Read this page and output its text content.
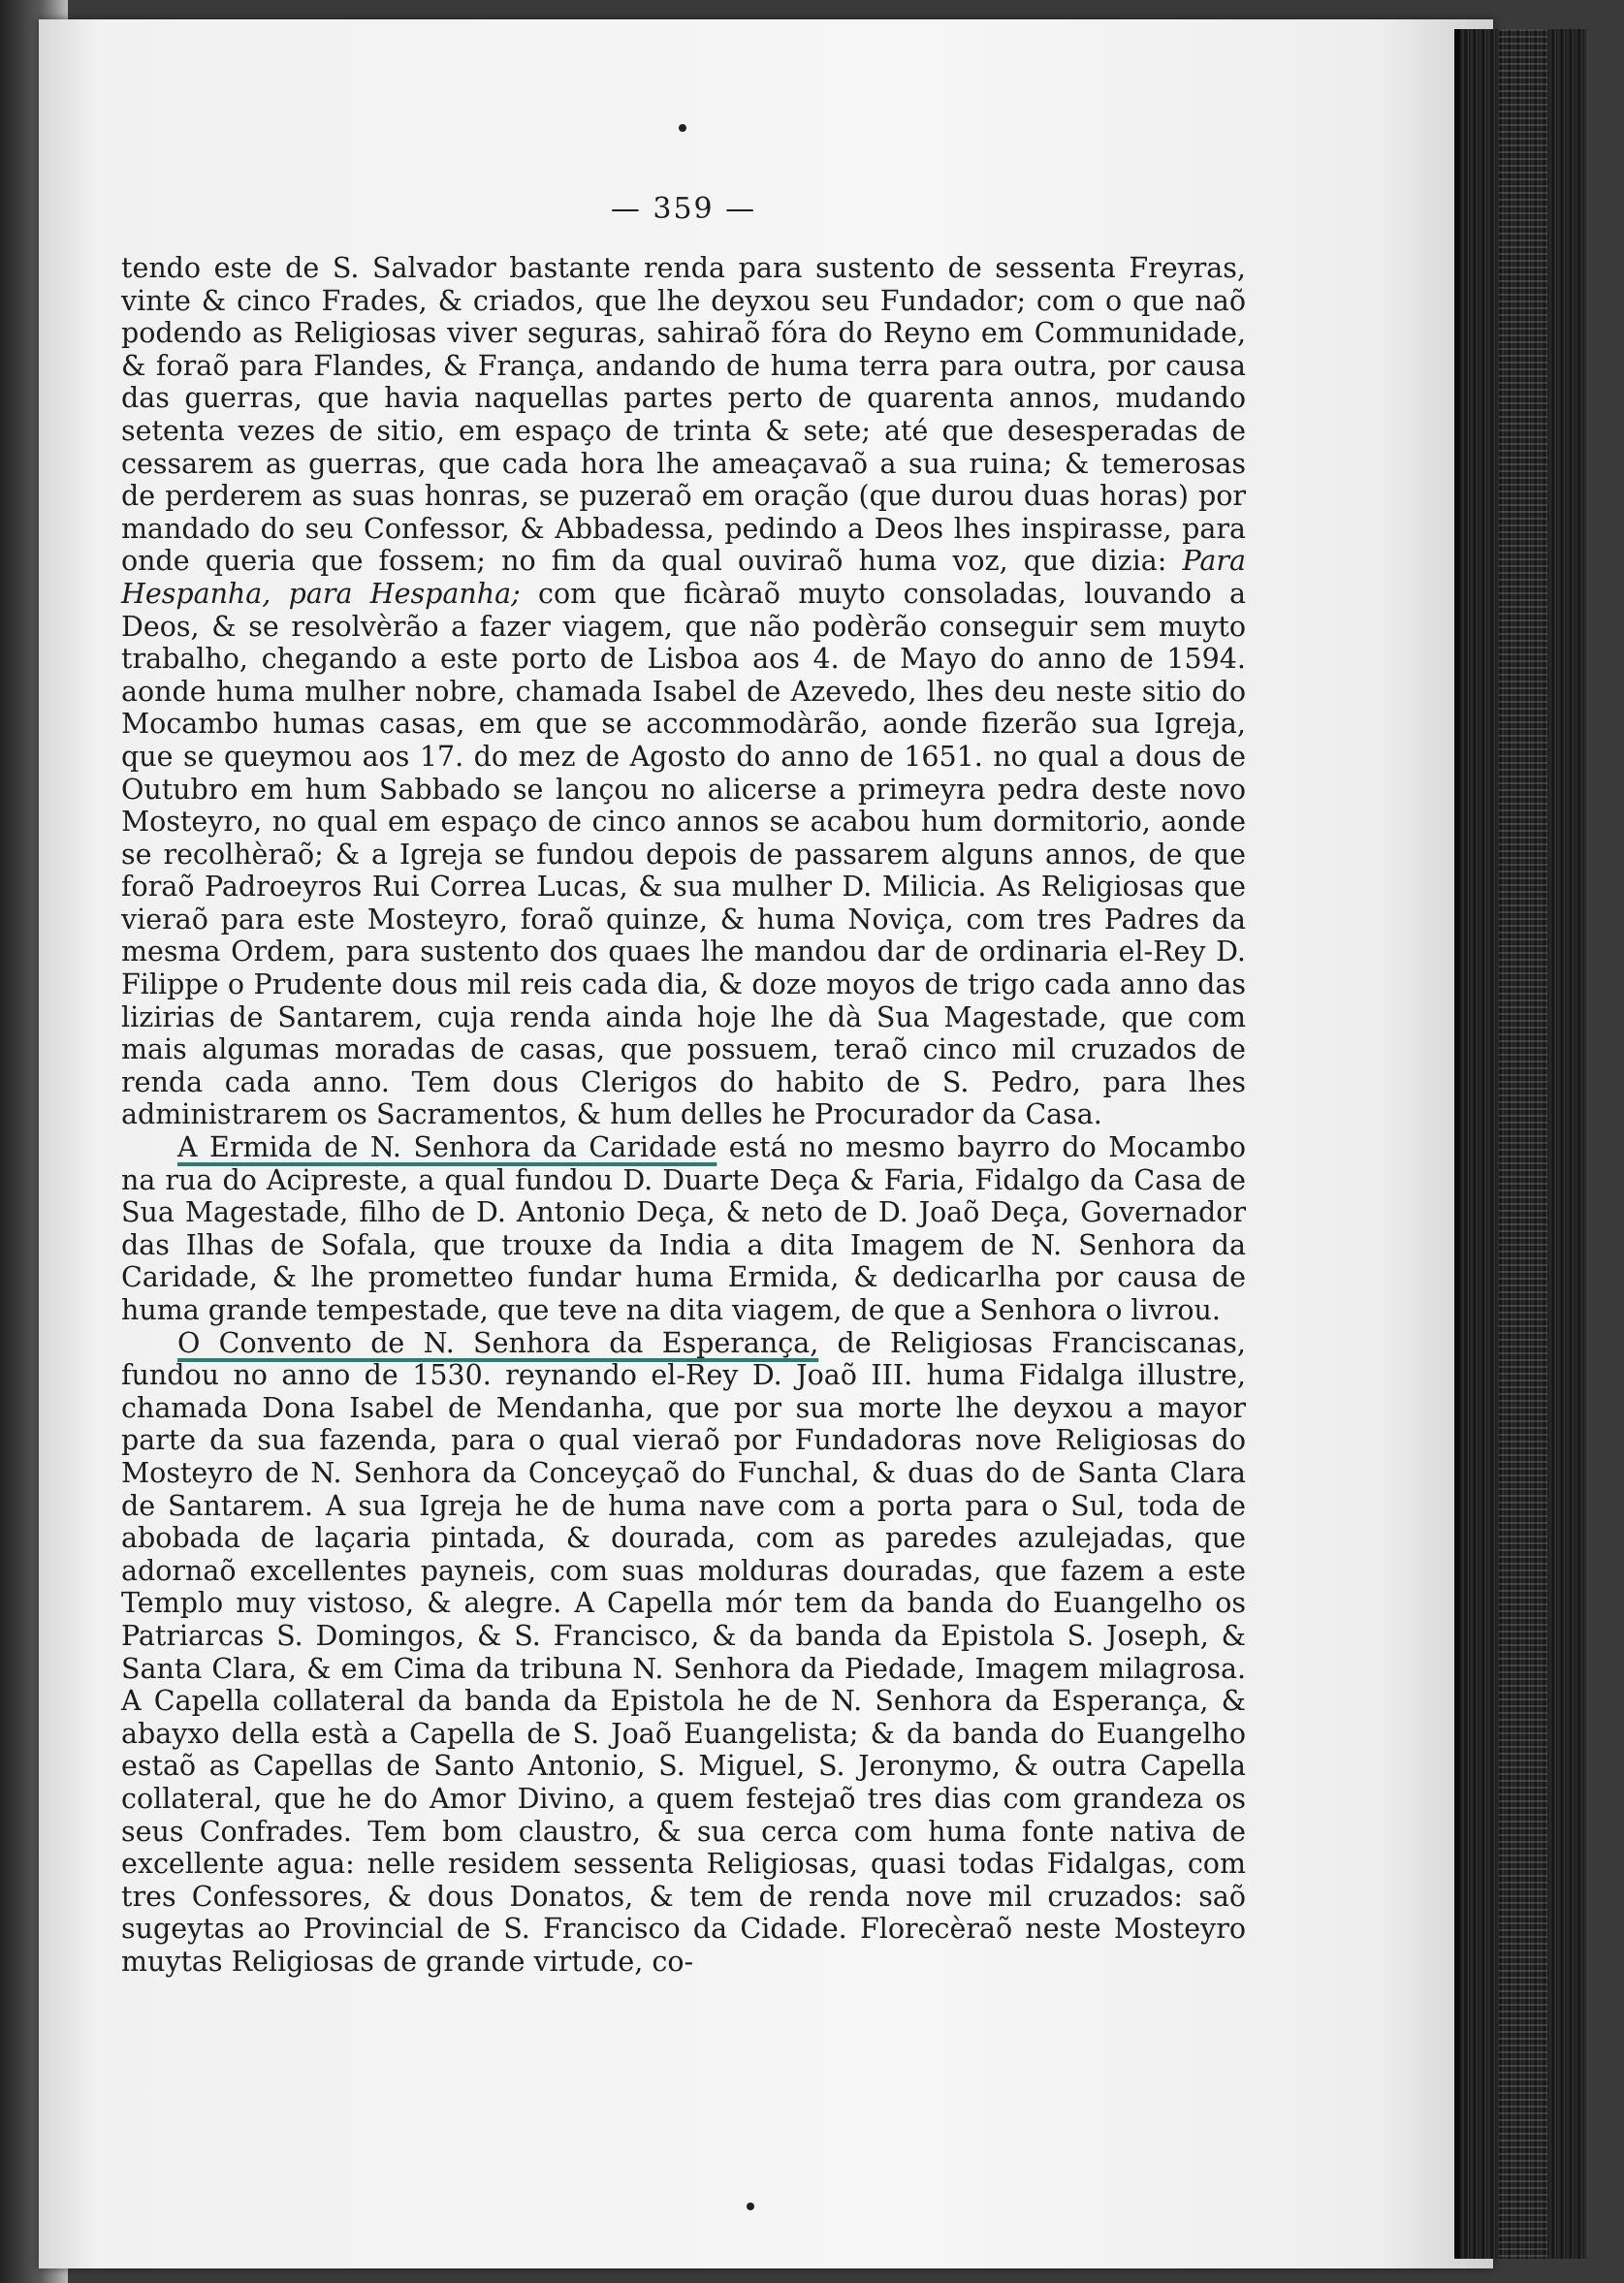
— 359 —

tendo este de S. Salvador bastante renda para sustento de sessenta Freyras, vinte & cinco Frades, & criados, que lhe deyxou seu Fundador; com o que naõ podendo as Religiosas viver seguras, sahiraõ fóra do Reyno em Communidade, & foraõ para Flandes, & França, andando de huma terra para outra, por causa das guerras, que havia naquellas partes perto de quarenta annos, mudando setenta vezes de sitio, em espaço de trinta & sete; até que desesperadas de cessarem as guerras, que cada hora lhe ameaçavaõ a sua ruina; & temerosas de perderem as suas honras, se puzeraõ em oração (que durou duas horas) por mandado do seu Confessor, & Abbadessa, pedindo a Deos lhes inspirasse, para onde queria que fossem; no fim da qual ouviraõ huma voz, que dizia: Para Hespanha, para Hespanha; com que ficàraõ muyto consoladas, louvando a Deos, & se resolvèrão a fazer viagem, que não podèrão conseguir sem muyto trabalho, chegando a este porto de Lisboa aos 4. de Mayo do anno de 1594. aonde huma mulher nobre, chamada Isabel de Azevedo, lhes deu neste sitio do Mocambo humas casas, em que se accommodàrão, aonde fizerão sua Igreja, que se queymou aos 17. do mez de Agosto do anno de 1651. no qual a dous de Outubro em hum Sabbado se lançou no alicerse a primeyra pedra deste novo Mosteyro, no qual em espaço de cinco annos se acabou hum dormitorio, aonde se recolhèraõ; & a Igreja se fundou depois de passarem alguns annos, de que foraõ Padroeyros Rui Correa Lucas, & sua mulher D. Milicia. As Religiosas que vieraõ para este Mosteyro, foraõ quinze, & huma Noviça, com tres Padres da mesma Ordem, para sustento dos quaes lhe mandou dar de ordinaria el-Rey D. Filippe o Prudente dous mil reis cada dia, & doze moyos de trigo cada anno das lizirias de Santarem, cuja renda ainda hoje lhe dà Sua Magestade, que com mais algumas moradas de casas, que possuem, teraõ cinco mil cruzados de renda cada anno. Tem dous Clerigos do habito de S. Pedro, para lhes administrarem os Sacramentos, & hum delles he Procurador da Casa.

A Ermida de N. Senhora da Caridade está no mesmo bayrro do Mocambo na rua do Acipreste, a qual fundou D. Duarte Deça & Faria, Fidalgo da Casa de Sua Magestade, filho de D. Antonio Deça, & neto de D. Joaõ Deça, Governador das Ilhas de Sofala, que trouxe da India a dita Imagem de N. Senhora da Caridade, & lhe prometteo fundar huma Ermida, & dedicarlha por causa de huma grande tempestade, que teve na dita viagem, de que a Senhora o livrou.

O Convento de N. Senhora da Esperança, de Religiosas Franciscanas, fundou no anno de 1530. reynando el-Rey D. Joaõ III. huma Fidalga illustre, chamada Dona Isabel de Mendanha, que por sua morte lhe deyxou a mayor parte da sua fazenda, para o qual vieraõ por Fundadoras nove Religiosas do Mosteyro de N. Senhora da Conceyçaõ do Funchal, & duas do de Santa Clara de Santarem. A sua Igreja he de huma nave com a porta para o Sul, toda de abobada de laçaria pintada, & dourada, com as paredes azulejadas, que adornaõ excellentes payneis, com suas molduras douradas, que fazem a este Templo muy vistoso, & alegre. A Capella mór tem da banda do Euangelho os Patriarcas S. Domingos, & S. Francisco, & da banda da Epistola S. Joseph, & Santa Clara, & em Cima da tribuna N. Senhora da Piedade, Imagem milagrosa. A Capella collateral da banda da Epistola he de N. Senhora da Esperança, & abayxo della està a Capella de S. Joaõ Euangelista; & da banda do Euangelho estaõ as Capellas de Santo Antonio, S. Miguel, S. Jeronymo, & outra Capella collateral, que he do Amor Divino, a quem festejaõ tres dias com grandeza os seus Confrades. Tem bom claustro, & sua cerca com huma fonte nativa de excellente agua: nelle residem sessenta Religiosas, quasi todas Fidalgas, com tres Confessores, & dous Donatos, & tem de renda nove mil cruzados: saõ sugeytas ao Provincial de S. Francisco da Cidade. Florecèraõ neste Mosteyro muytas Religiosas de grande virtude, co-
